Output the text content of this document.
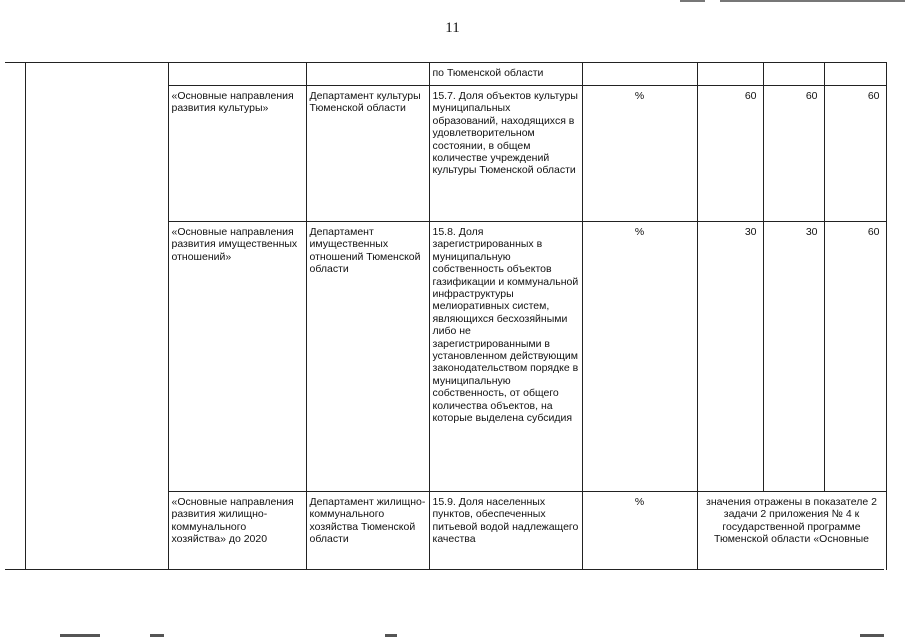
11
				по Тюменской области				
		«Основные направления развития культуры»	Департамент культуры Тюменской области	15.7. Доля объектов культуры муниципальных образований, находящихся в удовлетворительном состоянии, в общем количестве учреждений культуры Тюменской области	%	60	60	60
		«Основные направления развития имущественных отношений»	Департамент имущественных отношений Тюменской области	15.8. Доля зарегистрированных в муниципальную собственность объектов газификации и коммунальной инфраструктуры мелиоративных систем, являющихся бесхозяйными либо не зарегистрированными в установленном действующим законодательством порядке в муниципальную собственность, от общего количества объектов, на которые выделена субсидия	%	30	30	60
		«Основные направления развития жилищно-коммунального хозяйства» до 2020	Департамент жилищно-коммунального хозяйства Тюменской области	15.9. Доля населенных пунктов, обеспеченных питьевой водой надлежащего качества	%	значения отражены в показателе 2 задачи 2 приложения № 4 к государственной программе Тюменской области «Основные		
